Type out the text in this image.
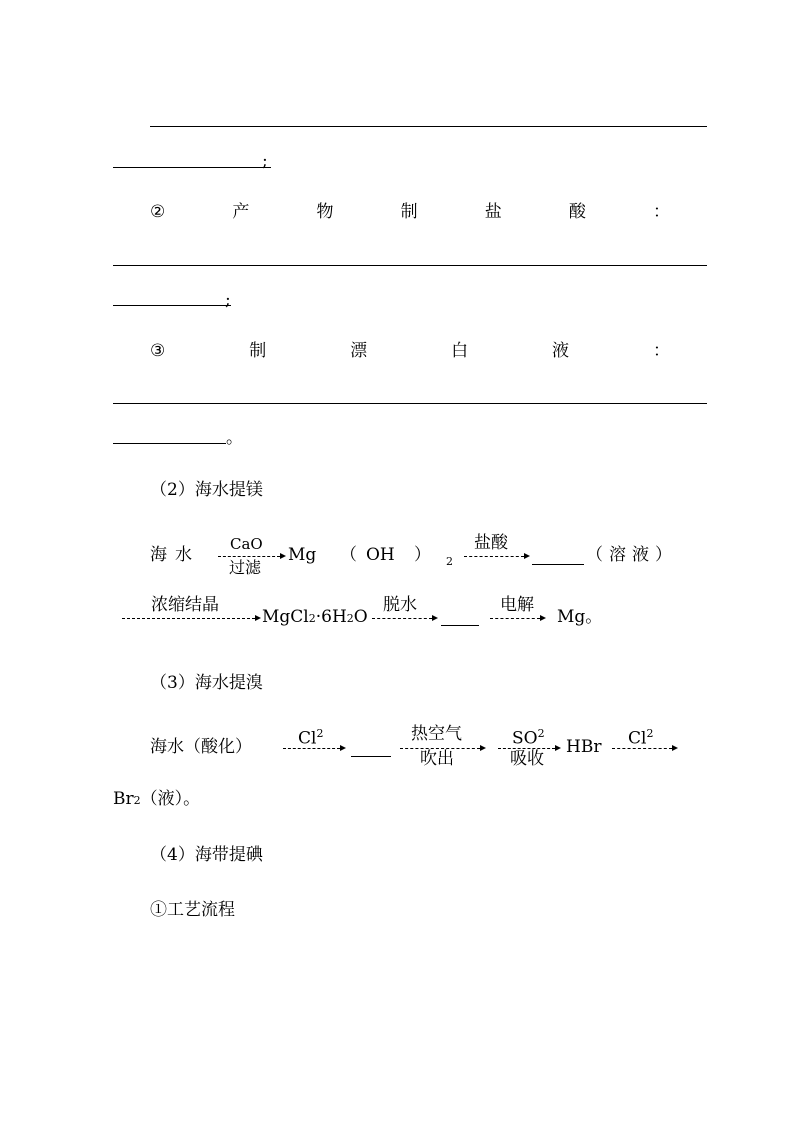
;
②	产	物	制	盐	酸	：
;
③	制	漂	白	液	：
。
（2）海水提镁
海 水
CaO
过滤
Mg （ OH ） 2
盐酸
（ 溶 液 ）
浓缩结晶
MgCl2·6H2O
脱水	电解
Mg。
（3）海水提溴
海水（酸化）	Cl$^2$	热空气
吹出
$SO^2$
吸收
HBr Cl$^2$
Br2（液）。
（4）海带提碘
①工艺流程
